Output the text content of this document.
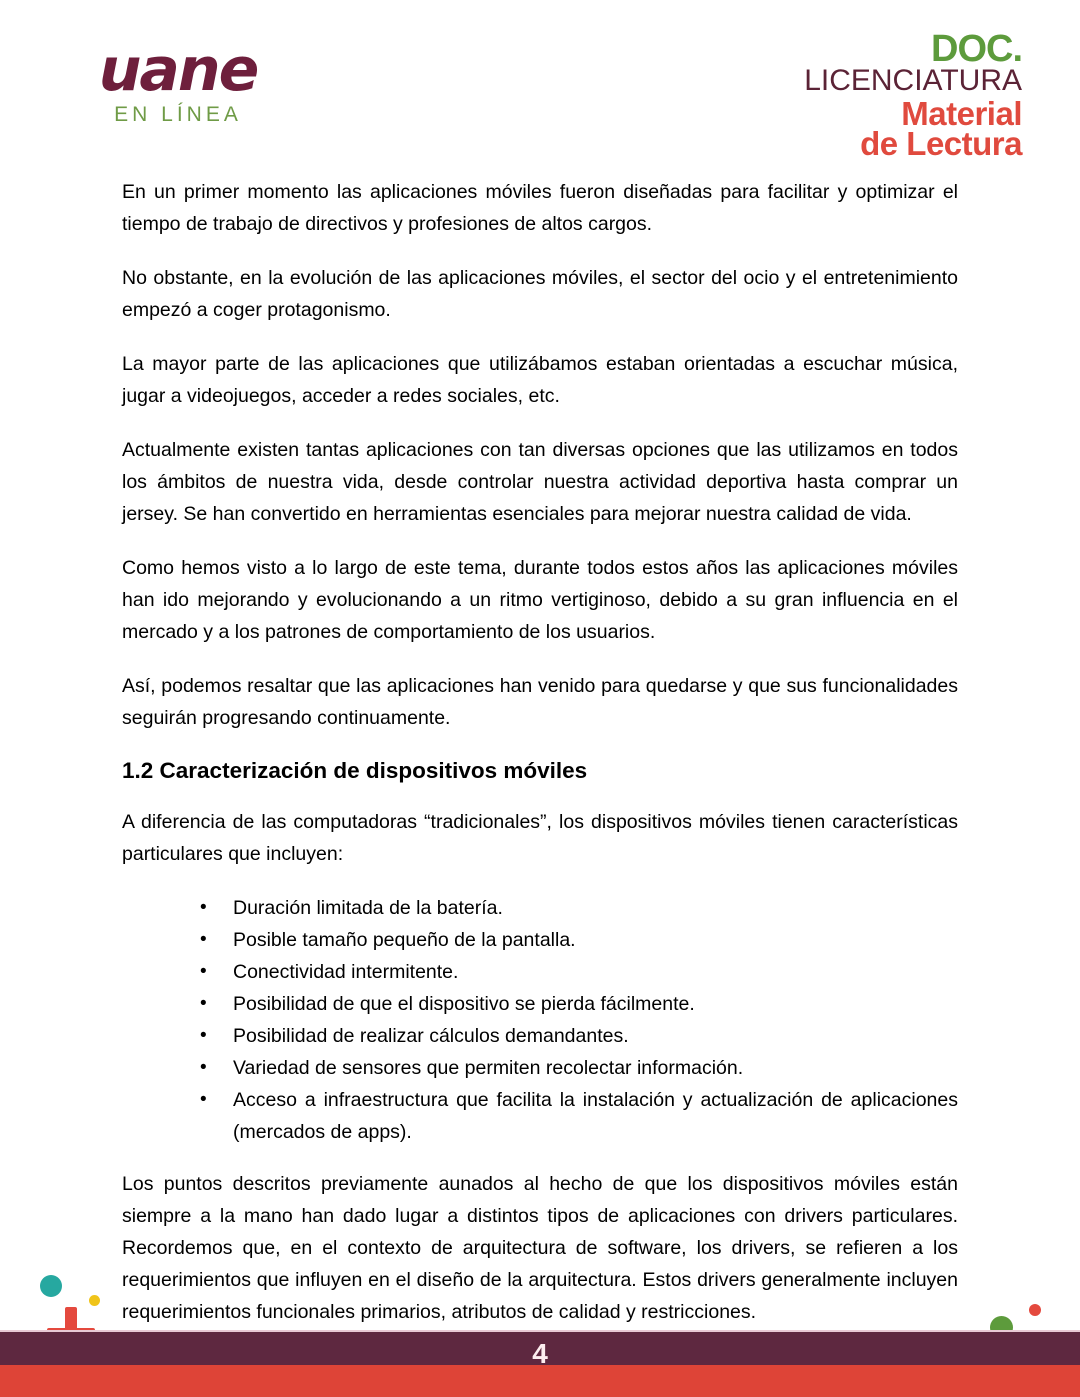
uane
EN LÍNEA
DOC.
LICENCIATURA
Material
de Lectura

En un primer momento las aplicaciones móviles fueron diseñadas para facilitar y optimizar el tiempo de trabajo de directivos y profesiones de altos cargos.

No obstante, en la evolución de las aplicaciones móviles, el sector del ocio y el entretenimiento empezó a coger protagonismo.

La mayor parte de las aplicaciones que utilizábamos estaban orientadas a escuchar música, jugar a videojuegos, acceder a redes sociales, etc.

Actualmente existen tantas aplicaciones con tan diversas opciones que las utilizamos en todos los ámbitos de nuestra vida, desde controlar nuestra actividad deportiva hasta comprar un jersey. Se han convertido en herramientas esenciales para mejorar nuestra calidad de vida.

Como hemos visto a lo largo de este tema, durante todos estos años las aplicaciones móviles han ido mejorando y evolucionando a un ritmo vertiginoso, debido a su gran influencia en el mercado y a los patrones de comportamiento de los usuarios.

Así, podemos resaltar que las aplicaciones han venido para quedarse y que sus funcionalidades seguirán progresando continuamente.

1.2 Caracterización de dispositivos móviles

A diferencia de las computadoras “tradicionales”, los dispositivos móviles tienen características particulares que incluyen:

• Duración limitada de la batería.
• Posible tamaño pequeño de la pantalla.
• Conectividad intermitente.
• Posibilidad de que el dispositivo se pierda fácilmente.
• Posibilidad de realizar cálculos demandantes.
• Variedad de sensores que permiten recolectar información.
• Acceso a infraestructura que facilita la instalación y actualización de aplicaciones (mercados de apps).

Los puntos descritos previamente aunados al hecho de que los dispositivos móviles están siempre a la mano han dado lugar a distintos tipos de aplicaciones con drivers particulares. Recordemos que, en el contexto de arquitectura de software, los drivers, se refieren a los requerimientos que influyen en el diseño de la arquitectura. Estos drivers generalmente incluyen requerimientos funcionales primarios, atributos de calidad y restricciones.

4
